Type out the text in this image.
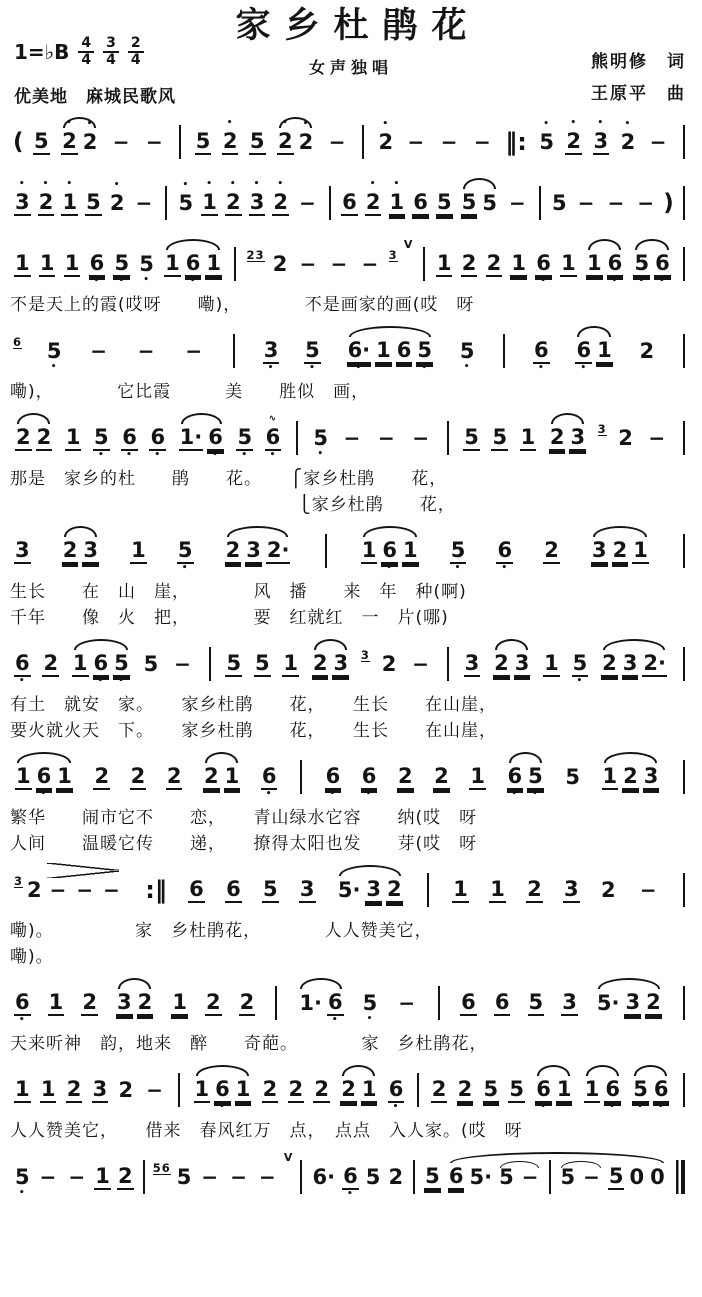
家乡杜鹃花
女声独唱
1=♭B $\frac{4}{4} \frac{3}{4} \frac{2}{4}$
优美地　麻城民歌风
熊明修　词
王原平　曲
( 5
•
2
•
2 − − 5
•
2 5
•
2
•
2 −
•
2 − − − ‖:
•
5
•
2
•
3
•
2 −
•
3
•
2
•
1 5
•
2 −
•
5
•
1
•
2
•
3
•
2 − 6
•
2
•
1 6 5 5 5 − 5 − − − )
1 1 1 6
•
5
•
5
•
1 6
•
1 23 2 − − − 3
V
1 2 2 1 6
•
1 1 6
•
5
•
6
•
不是天上的霞(哎呀　　嘞)，　　　　不是画家的画(哎　呀
6 5
•
− − −	3
•
5
•
6·
•
1 6 5
•
5
•
6
•
6
•
1 2
嘞)，　　　　它比霞　　　美　　胜似　画，
2 2 1 5
•
6
•
6
•
1· 6
•
5
•
∿
6
•
5
•
− − − 5 5 1 2 3 3 2 −
那是　家乡的杜　　鹃　　花。　　⎧家乡杜鹃　　花，
　　　　　　　　　　　　　　　　⎩家乡杜鹃　　花，
3 2 3 1 5
•
2 3 2·	1 6
•
1 5
•
6
•
2 3 2 1
生长　　在　山　崖，　　　　风　播　　来　年　种(啊)
千年　　像　火　把，　　　　要　红就红　一　片(哪)
6
•
2 1 6
•
5
•
5 − 5 5 1 2 3 3 2 − 3 2 3 1 5
•
2 3 2·
有土　就安　家。　　家乡杜鹃　　花，　　生长　　在山崖，
要火就火天　下。　　家乡杜鹃　　花，　　生长　　在山崖，
1 6
•
1 2 2 2 2 1 6
•
6
•
6
•
2 2 1 6
•
5
•
5 1 2 3
繁华　　闹市它不　　恋，　　青山绿水它容　　纳(哎　呀
人间　　温暖它传　　递，　　撩得太阳也发　　芽(哎　呀
3 2 − − − :‖ 6 6 5 3 5· 3 2 1 1 2 3 2 −
嘞)。　　　　　家　乡杜鹃花，　　　　人人赞美它，
嘞)。
6
•
1 2 3 2 1 2 2 1· 6
•
5
•
− 6 6 5 3 5· 3 2
天来听神　韵，地来　醉　　奇葩。　　　　家　乡杜鹃花，
1 1 2 3 2 − 1 6
•
1 2 2 2 2 1 6
•
2 2 5 5 6
•
1 1 6
•
5
•
6
•
人人赞美它，　　借来　春风红万　点，　点点　入人家。(哎　呀
5
•
− − 1 2 56 5 − − −
V
6· 6
•
5 2 5 6 5· 5 − 5 − 5 0 0
